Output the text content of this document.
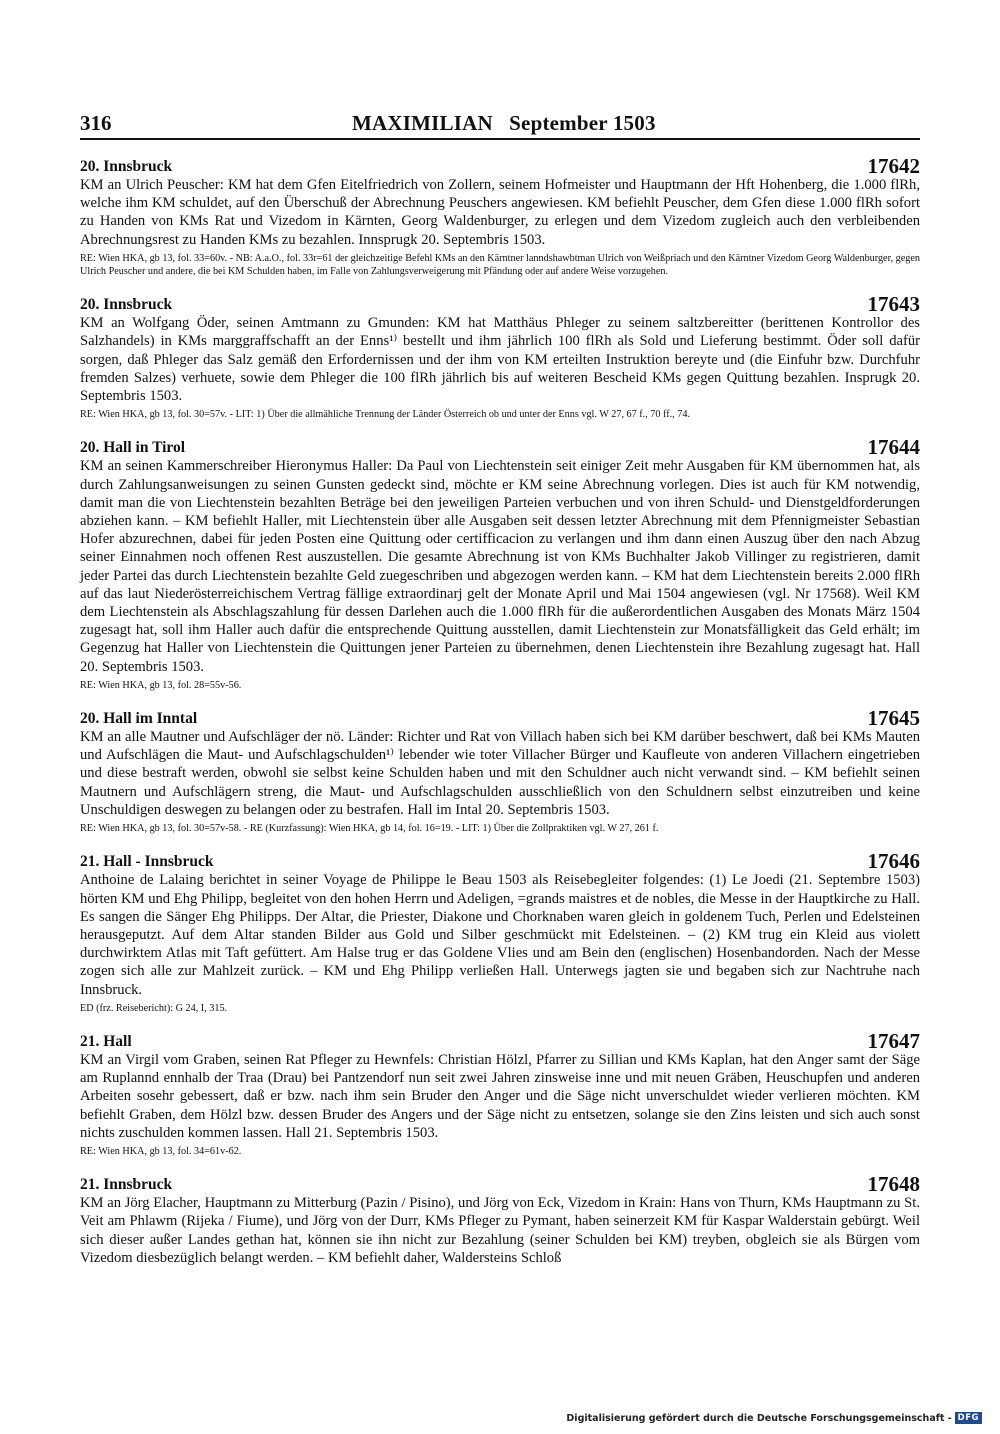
316	MAXIMILIAN   September 1503
20. Innsbruck	17642

KM an Ulrich Peuscher: KM hat dem Gfen Eitelfriedrich von Zollern, seinem Hofmeister und Hauptmann der Hft Hohenberg, die 1.000 flRh, welche ihm KM schuldet, auf den Überschuß der Abrechnung Peuschers angewiesen. KM befiehlt Peuscher, dem Gfen diese 1.000 flRh sofort zu Handen von KMs Rat und Vizedom in Kärnten, Georg Waldenburger, zu erlegen und dem Vizedom zugleich auch den verbleibenden Abrechnungsrest zu Handen KMs zu bezahlen. Innsprugk 20. Septembris 1503.

RE: Wien HKA, gb 13, fol. 33=60v. - NB: A.a.O., fol. 33r=61 der gleichzeitige Befehl KMs an den Kärntner lanndshawbtman Ulrich von Weißpriach und den Kärntner Vizedom Georg Waldenburger, gegen Ulrich Peuscher und andere, die bei KM Schulden haben, im Falle von Zahlungsverweigerung mit Pfändung oder auf andere Weise vorzugehen.
20. Innsbruck	17643

KM an Wolfgang Öder, seinen Amtmann zu Gmunden: KM hat Matthäus Phleger zu seinem saltzbereitter (berittenen Kontrollor des Salzhandels) in KMs marggraffschafft an der Enns¹⁾ bestellt und ihm jährlich 100 flRh als Sold und Lieferung bestimmt. Öder soll dafür sorgen, daß Phleger das Salz gemäß den Erfordernissen und der ihm von KM erteilten Instruktion bereyte und (die Einfuhr bzw. Durchfuhr fremden Salzes) verhuete, sowie dem Phleger die 100 flRh jährlich bis auf weiteren Bescheid KMs gegen Quittung bezahlen. Insprugk 20. Septembris 1503.

RE: Wien HKA, gb 13, fol. 30=57v. - LIT: 1) Über die allmähliche Trennung der Länder Österreich ob und unter der Enns vgl. W 27, 67 f., 70 ff., 74.
20. Hall in Tirol	17644

KM an seinen Kammerschreiber Hieronymus Haller: Da Paul von Liechtenstein seit einiger Zeit mehr Ausgaben für KM übernommen hat, als durch Zahlungsanweisungen zu seinen Gunsten gedeckt sind, möchte er KM seine Abrechnung vorlegen. Dies ist auch für KM notwendig, damit man die von Liechtenstein bezahlten Beträge bei den jeweiligen Parteien verbuchen und von ihren Schuld- und Dienstgeldforderungen abziehen kann. – KM befiehlt Haller, mit Liechtenstein über alle Ausgaben seit dessen letzter Abrechnung mit dem Pfennigmeister Sebastian Hofer abzurechnen, dabei für jeden Posten eine Quittung oder certifficacion zu verlangen und ihm dann einen Auszug über den nach Abzug seiner Einnahmen noch offenen Rest auszustellen. Die gesamte Abrechnung ist von KMs Buchhalter Jakob Villinger zu registrieren, damit jeder Partei das durch Liechtenstein bezahlte Geld zuegeschriben und abgezogen werden kann. – KM hat dem Liechtenstein bereits 2.000 flRh auf das laut Niederösterreichischem Vertrag fällige extraordinarj gelt der Monate April und Mai 1504 angewiesen (vgl. Nr 17568). Weil KM dem Liechtenstein als Abschlagszahlung für dessen Darlehen auch die 1.000 flRh für die außerordentlichen Ausgaben des Monats März 1504 zugesagt hat, soll ihm Haller auch dafür die entsprechende Quittung ausstellen, damit Liechtenstein zur Monatsfälligkeit das Geld erhält; im Gegenzug hat Haller von Liechtenstein die Quittungen jener Parteien zu übernehmen, denen Liechtenstein ihre Bezahlung zugesagt hat. Hall 20. Septembris 1503.

RE: Wien HKA, gb 13, fol. 28=55v-56.
20. Hall im Inntal	17645

KM an alle Mautner und Aufschläger der nö. Länder: Richter und Rat von Villach haben sich bei KM darüber beschwert, daß bei KMs Mauten und Aufschlägen die Maut- und Aufschlagschulden¹⁾ lebender wie toter Villacher Bürger und Kaufleute von anderen Villachern eingetrieben und diese bestraft werden, obwohl sie selbst keine Schulden haben und mit den Schuldner auch nicht verwandt sind. – KM befiehlt seinen Mautnern und Aufschlägern streng, die Maut- und Aufschlagschulden ausschließlich von den Schuldnern selbst einzutreiben und keine Unschuldigen deswegen zu belangen oder zu bestrafen. Hall im Intal 20. Septembris 1503.

RE: Wien HKA, gb 13, fol. 30=57v-58. - RE (Kurzfassung): Wien HKA, gb 14, fol. 16=19. - LIT: 1) Über die Zollpraktiken vgl. W 27, 261 f.
21. Hall - Innsbruck	17646

Anthoine de Lalaing berichtet in seiner Voyage de Philippe le Beau 1503 als Reisebegleiter folgendes: (1) Le Joedi (21. Septembre 1503) hörten KM und Ehg Philipp, begleitet von den hohen Herrn und Adeligen, =grands maistres et de nobles, die Messe in der Hauptkirche zu Hall. Es sangen die Sänger Ehg Philipps. Der Altar, die Priester, Diakone und Chorknaben waren gleich in goldenem Tuch, Perlen und Edelsteinen herausgeputzt. Auf dem Altar standen Bilder aus Gold und Silber geschmückt mit Edelsteinen. – (2) KM trug ein Kleid aus violett durchwirktem Atlas mit Taft gefüttert. Am Halse trug er das Goldene Vlies und am Bein den (englischen) Hosenbandorden. Nach der Messe zogen sich alle zur Mahlzeit zurück. – KM und Ehg Philipp verließen Hall. Unterwegs jagten sie und begaben sich zur Nachtruhe nach Innsbruck.

ED (frz. Reisebericht): G 24, I, 315.
21. Hall	17647

KM an Virgil vom Graben, seinen Rat Pfleger zu Hewnfels: Christian Hölzl, Pfarrer zu Sillian und KMs Kaplan, hat den Anger samt der Säge am Ruplannd ennhalb der Traa (Drau) bei Pantzendorf nun seit zwei Jahren zinsweise inne und mit neuen Gräben, Heuschupfen und anderen Arbeiten sosehr gebessert, daß er bzw. nach ihm sein Bruder den Anger und die Säge nicht unverschuldet wieder verlieren möchten. KM befiehlt Graben, dem Hölzl bzw. dessen Bruder des Angers und der Säge nicht zu entsetzen, solange sie den Zins leisten und sich auch sonst nichts zuschulden kommen lassen. Hall 21. Septembris 1503.

RE: Wien HKA, gb 13, fol. 34=61v-62.
21. Innsbruck	17648

KM an Jörg Elacher, Hauptmann zu Mitterburg (Pazin / Pisino), und Jörg von Eck, Vizedom in Krain: Hans von Thurn, KMs Hauptmann zu St. Veit am Phlawm (Rijeka / Fiume), und Jörg von der Durr, KMs Pfleger zu Pymant, haben seinerzeit KM für Kaspar Walderstain gebürgt. Weil sich dieser außer Landes gethan hat, können sie ihn nicht zur Bezahlung (seiner Schulden bei KM) treyben, obgleich sie als Bürgen vom Vizedom diesbezüglich belangt werden. – KM befiehlt daher, Waldersteins Schloß

Digitalisierung gefördert durch die Deutsche Forschungsgemeinschaft - DFG
